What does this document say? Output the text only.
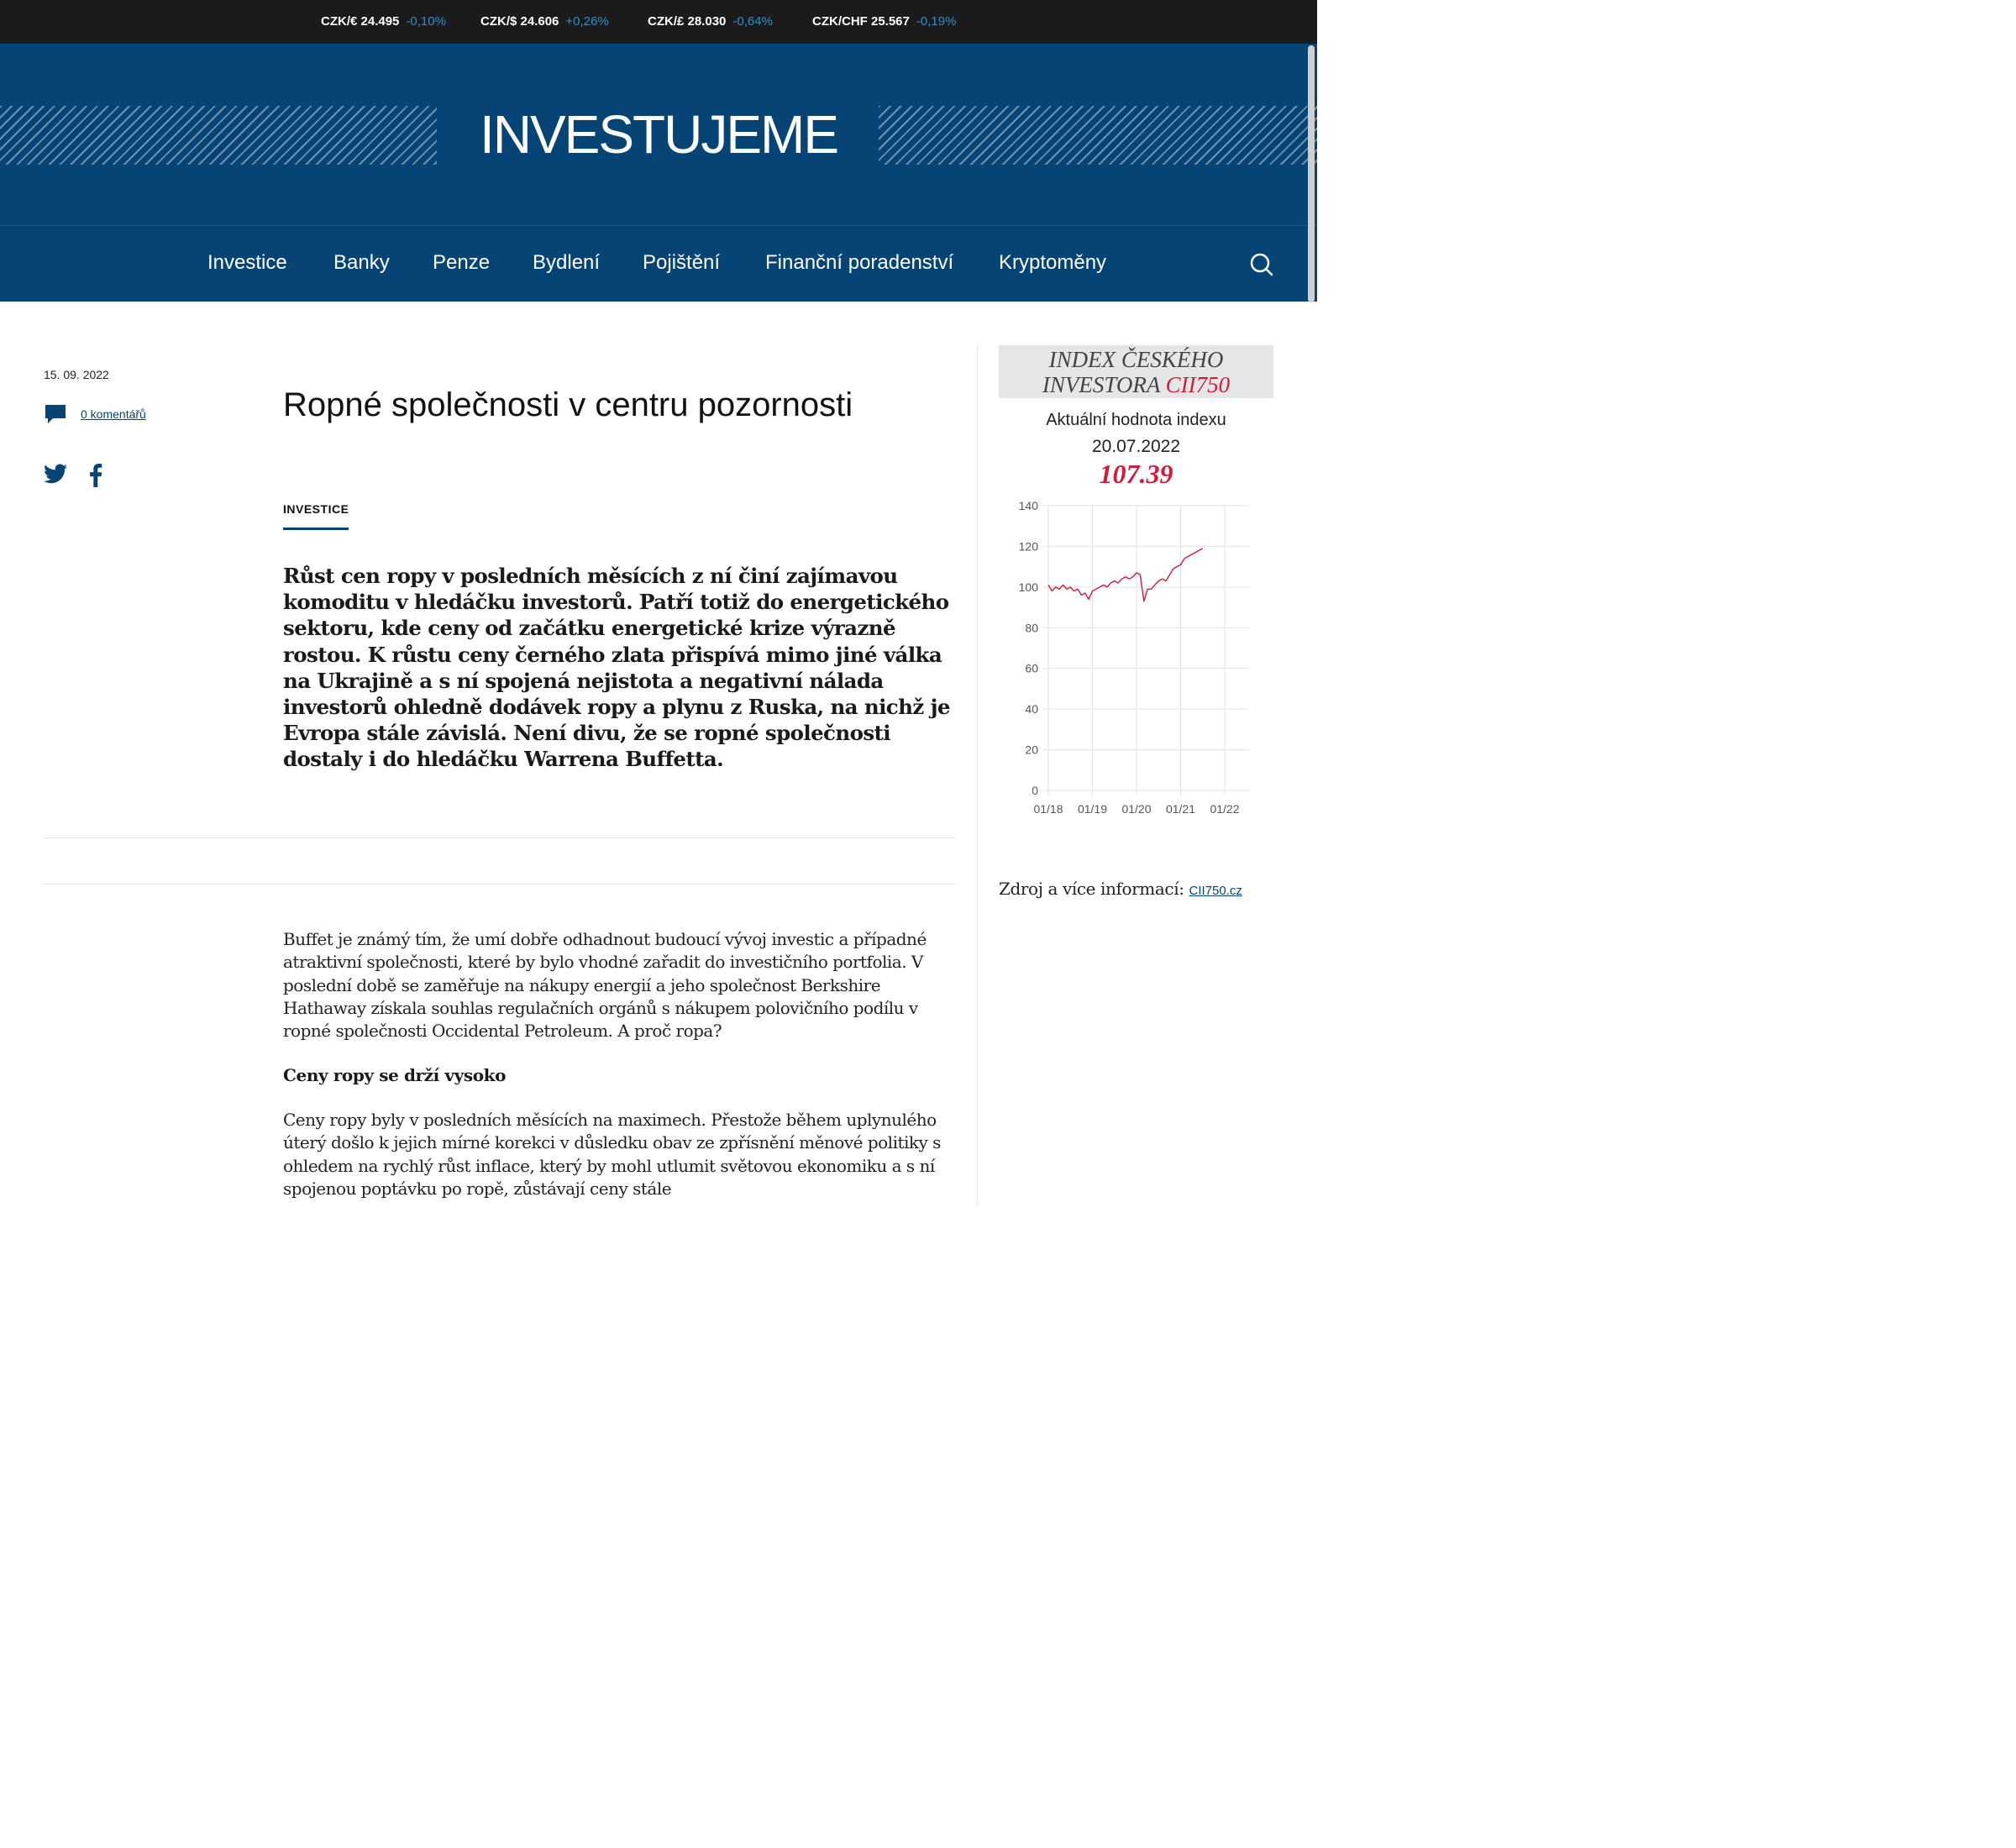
CZK/€ 24.495 -0,10%	CZK/$ 24.606 +0,26%	CZK/£ 28.030 -0,64%	CZK/CHF 25.567 -0,19%
INVESTUJEME
Investice Banky Penze Bydlení Pojištění Finanční poradenství Kryptoměny
15. 09. 2022
0 komentářů	Ropné společnosti v centru pozornosti
INVESTICE

Růst cen ropy v posledních měsících z ní činí zajímavou komoditu v hledáčku investorů. Patří totiž do energetického sektoru, kde ceny od začátku energetické krize výrazně rostou. K růstu ceny černého zlata přispívá mimo jiné válka na Ukrajině a s ní spojená nejistota a negativní nálada investorů ohledně dodávek ropy a plynu z Ruska, na nichž je Evropa stále závislá. Není divu, že se ropné společnosti dostaly i do hledáčku Warrena Buffetta.

Buffet je známý tím, že umí dobře odhadnout budoucí vývoj investic a případné atraktivní společnosti, které by bylo vhodné zařadit do investičního portfolia. V poslední době se zaměřuje na nákupy energií a jeho společnost Berkshire Hathaway získala souhlas regulačních orgánů s nákupem polovičního podílu v ropné společnosti Occidental Petroleum. A proč ropa?

Ceny ropy se drží vysoko

Ceny ropy byly v posledních měsících na maximech. Přestože během uplynulého úterý došlo k jejich mírné korekci v důsledku obav ze zpřísnění měnové politiky s ohledem na rychlý růst inflace, který by mohl utlumit světovou ekonomiku a s ní spojenou poptávku po ropě, zůstávají ceny stále

INDEX ČESKÉHO
INVESTORA CII750
Aktuální hodnota indexu
20.07.2022
107.39
140
120
100
80
60
40
20
0
01/18 01/19 01/20 01/21 01/22
Zdroj a více informací: CII750.cz
